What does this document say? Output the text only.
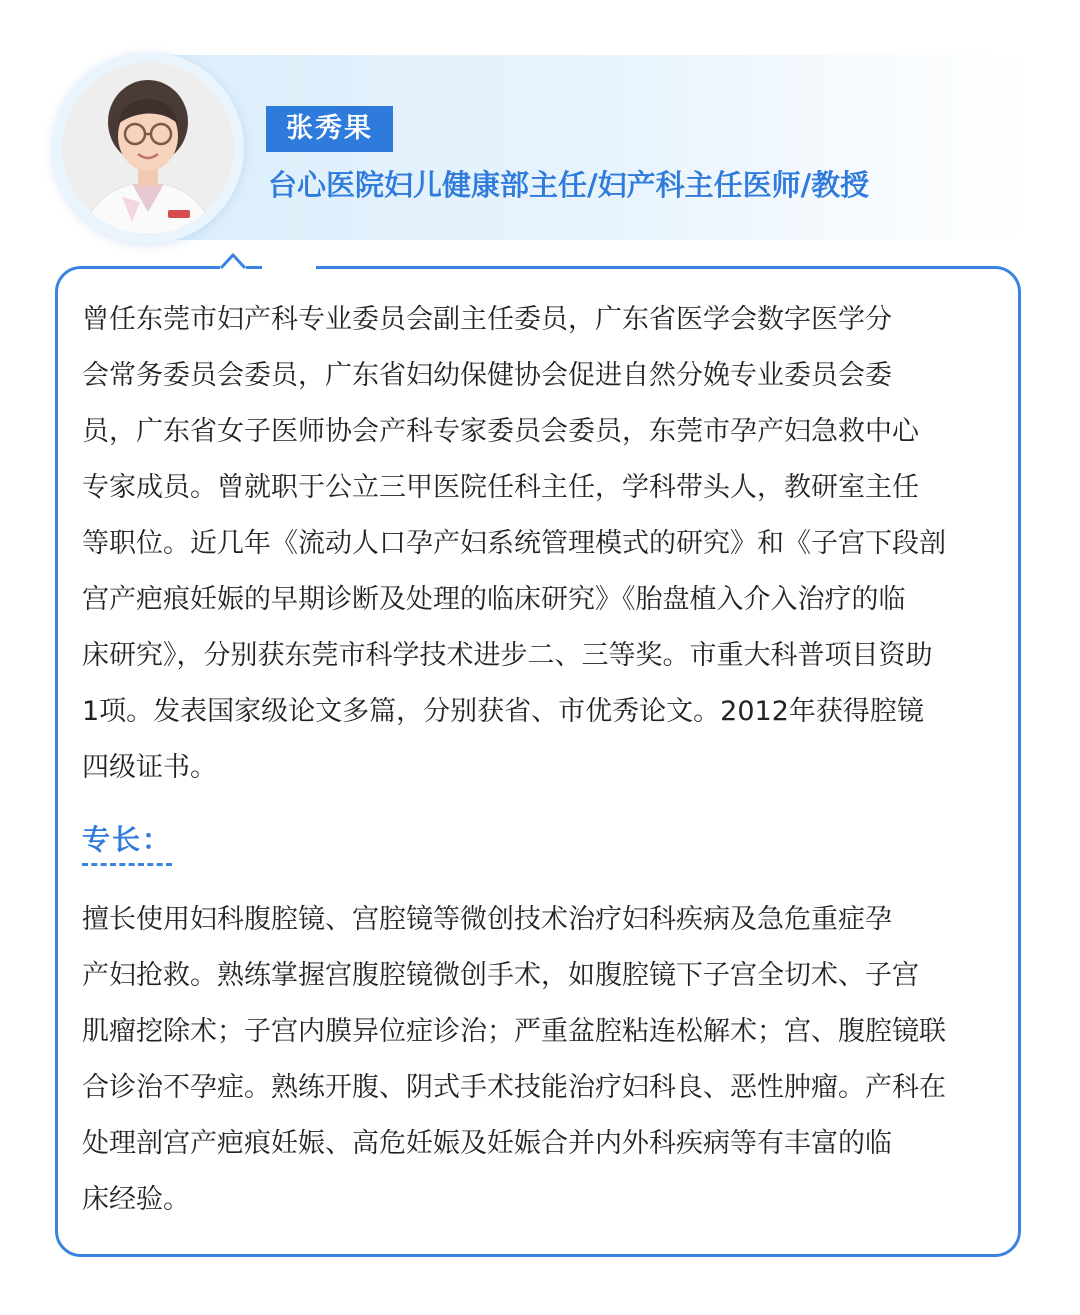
张秀果
台心医院妇儿健康部主任/妇产科主任医师/教授

曾任东莞市妇产科专业委员会副主任委员，广东省医学会数字医学分
会常务委员会委员，广东省妇幼保健协会促进自然分娩专业委员会委
员，广东省女子医师协会产科专家委员会委员，东莞市孕产妇急救中心
专家成员。曾就职于公立三甲医院任科主任，学科带头人，教研室主任
等职位。近几年《流动人口孕产妇系统管理模式的研究》和《子宫下段剖
宫产疤痕妊娠的早期诊断及处理的临床研究》《胎盘植入介入治疗的临
床研究》，分别获东莞市科学技术进步二、三等奖。市重大科普项目资助
1项。发表国家级论文多篇，分别获省、市优秀论文。2012年获得腔镜
四级证书。

专长：
擅长使用妇科腹腔镜、宫腔镜等微创技术治疗妇科疾病及急危重症孕
产妇抢救。熟练掌握宫腹腔镜微创手术，如腹腔镜下子宫全切术、子宫
肌瘤挖除术；子宫内膜异位症诊治；严重盆腔粘连松解术；宫、腹腔镜联
合诊治不孕症。熟练开腹、阴式手术技能治疗妇科良、恶性肿瘤。产科在
处理剖宫产疤痕妊娠、高危妊娠及妊娠合并内外科疾病等有丰富的临
床经验。
